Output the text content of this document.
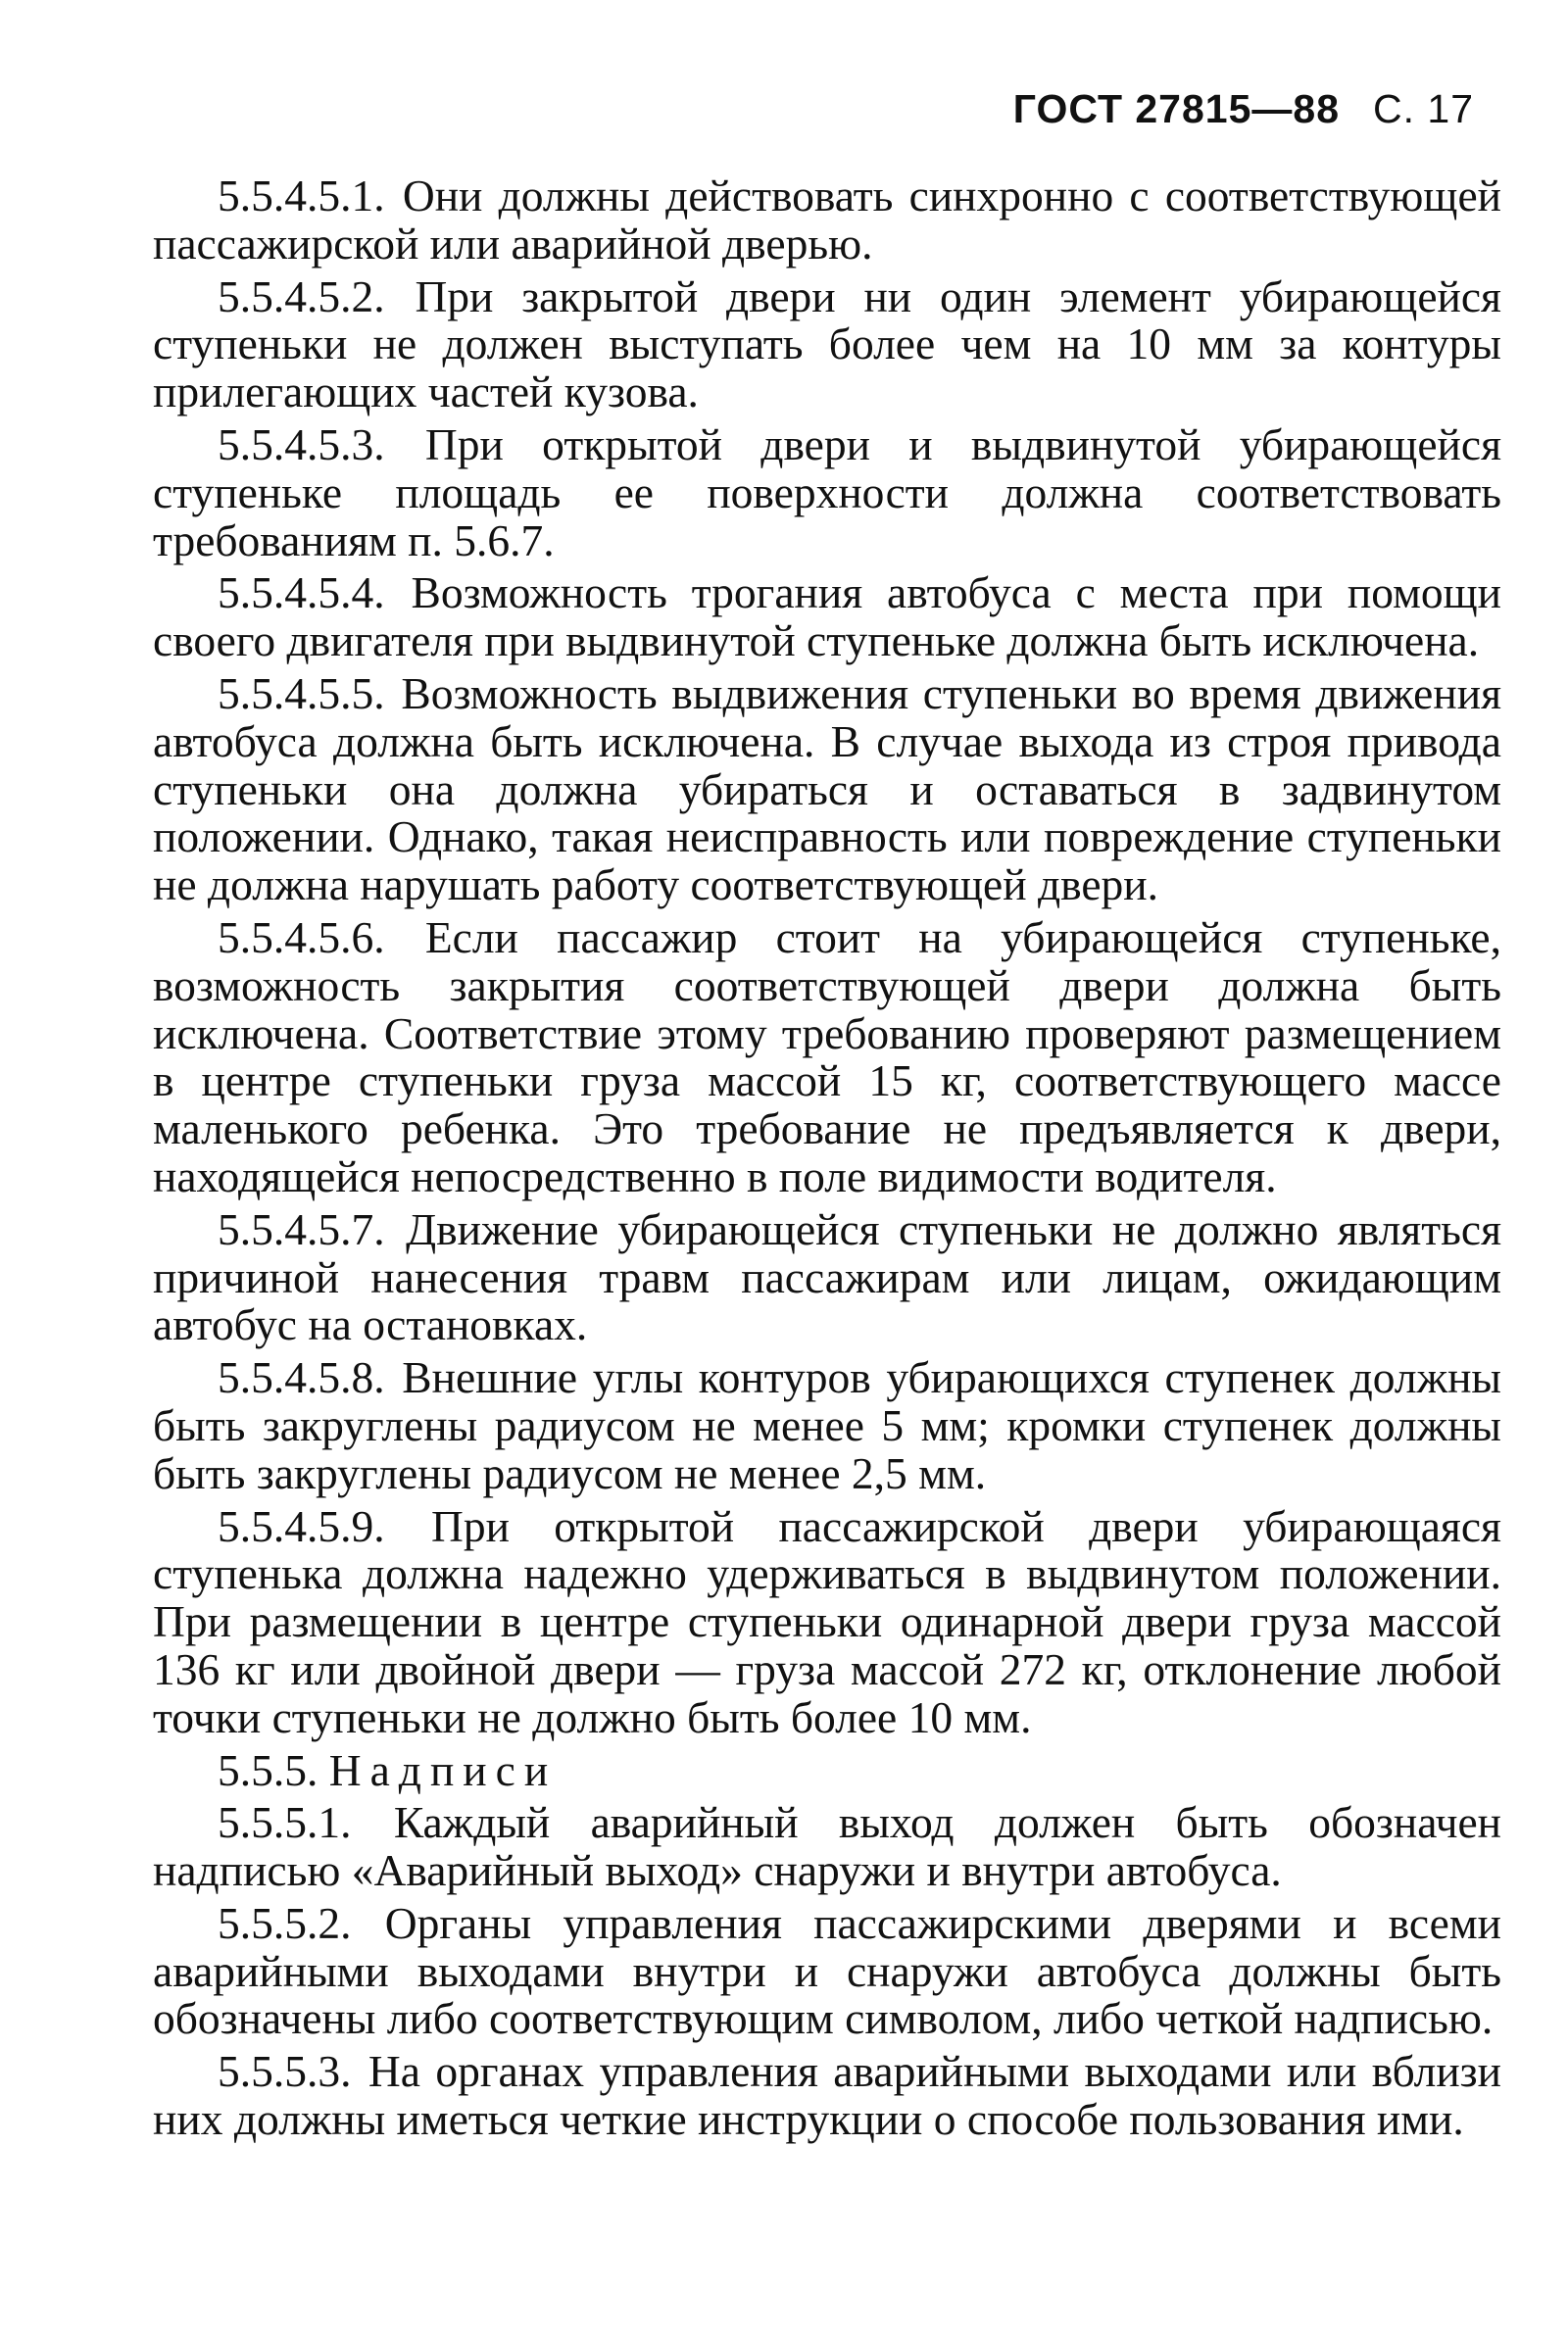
ГОСТ 27815—88 С. 17

5.5.4.5.1. Они должны действовать синхронно с соответствующей пассажирской или аварийной дверью.

5.5.4.5.2. При закрытой двери ни один элемент убирающейся ступеньки не должен выступать более чем на 10 мм за контуры прилегающих частей кузова.

5.5.4.5.3. При открытой двери и выдвинутой убирающейся ступеньке площадь ее поверхности должна соответствовать требованиям п. 5.6.7.

5.5.4.5.4. Возможность трогания автобуса с места при помощи своего двигателя при выдвинутой ступеньке должна быть исключена.

5.5.4.5.5. Возможность выдвижения ступеньки во время движения автобуса должна быть исключена. В случае выхода из строя привода ступеньки она должна убираться и оставаться в задвинутом положении. Однако, такая неисправность или повреждение ступеньки не должна нарушать работу соответствующей двери.

5.5.4.5.6. Если пассажир стоит на убирающейся ступеньке, возможность закрытия соответствующей двери должна быть исключена. Соответствие этому требованию проверяют размещением в центре ступеньки груза массой 15 кг, соответствующего массе маленького ребенка. Это требование не предъявляется к двери, находящейся непосредственно в поле видимости водителя.

5.5.4.5.7. Движение убирающейся ступеньки не должно являться причиной нанесения травм пассажирам или лицам, ожидающим автобус на остановках.

5.5.4.5.8. Внешние углы контуров убирающихся ступенек должны быть закруглены радиусом не менее 5 мм; кромки ступенек должны быть закруглены радиусом не менее 2,5 мм.

5.5.4.5.9. При открытой пассажирской двери убирающаяся ступенька должна надежно удерживаться в выдвинутом положении. При размещении в центре ступеньки одинарной двери груза массой 136 кг или двойной двери — груза массой 272 кг, отклонение любой точки ступеньки не должно быть более 10 мм.

5.5.5. Надписи

5.5.5.1. Каждый аварийный выход должен быть обозначен надписью «Аварийный выход» снаружи и внутри автобуса.

5.5.5.2. Органы управления пассажирскими дверями и всеми аварийными выходами внутри и снаружи автобуса должны быть обозначены либо соответствующим символом, либо четкой надписью.

5.5.5.3. На органах управления аварийными выходами или вблизи них должны иметься четкие инструкции о способе пользования ими.
